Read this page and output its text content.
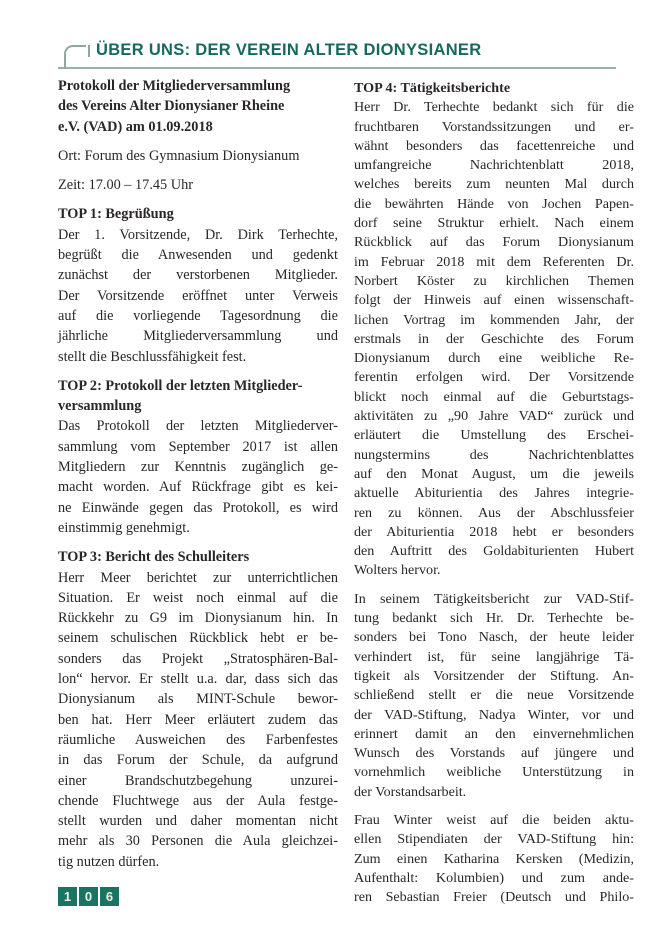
ÜBER UNS: DER VEREIN ALTER DIONYSIANER
Protokoll der Mitgliederversammlung
des Vereins Alter Dionysianer Rheine
e.V. (VAD) am 01.09.2018
Ort: Forum des Gymnasium Dionysianum
Zeit: 17.00 – 17.45 Uhr
TOP 1: Begrüßung
Der 1. Vorsitzende, Dr. Dirk Terhechte,
begrüßt die Anwesenden und gedenkt
zunächst der verstorbenen Mitglieder.
Der Vorsitzende eröffnet unter Verweis
auf die vorliegende Tagesordnung die
jährliche Mitgliederversammlung und
stellt die Beschlussfähigkeit fest.
TOP 2: Protokoll der letzten Mitglieder-
versammlung
Das Protokoll der letzten Mitgliederver-
sammlung vom September 2017 ist allen
Mitgliedern zur Kenntnis zugänglich ge-
macht worden. Auf Rückfrage gibt es kei-
ne Einwände gegen das Protokoll, es wird
einstimmig genehmigt.
TOP 3: Bericht des Schulleiters
Herr Meer berichtet zur unterrichtlichen
Situation. Er weist noch einmal auf die
Rückkehr zu G9 im Dionysianum hin. In
seinem schulischen Rückblick hebt er be-
sonders das Projekt „Stratosphären-Bal-
lon“ hervor. Er stellt u.a. dar, dass sich das
Dionysianum als MINT-Schule bewor-
ben hat. Herr Meer erläutert zudem das
räumliche Ausweichen des Farbenfestes
in das Forum der Schule, da aufgrund
einer Brandschutzbegehung unzurei-
chende Fluchtwege aus der Aula festge-
stellt wurden und daher momentan nicht
mehr als 30 Personen die Aula gleichzei-
tig nutzen dürfen.
TOP 4: Tätigkeitsberichte
Herr Dr. Terhechte bedankt sich für die
fruchtbaren Vorstandssitzungen und er-
wähnt besonders das facettenreiche und
umfangreiche Nachrichtenblatt 2018,
welches bereits zum neunten Mal durch
die bewährten Hände von Jochen Papen-
dorf seine Struktur erhielt. Nach einem
Rückblick auf das Forum Dionysianum
im Februar 2018 mit dem Referenten Dr.
Norbert Köster zu kirchlichen Themen
folgt der Hinweis auf einen wissenschaft-
lichen Vortrag im kommenden Jahr, der
erstmals in der Geschichte des Forum
Dionysianum durch eine weibliche Re-
ferentin erfolgen wird. Der Vorsitzende
blickt noch einmal auf die Geburtstags-
aktivitäten zu „90 Jahre VAD“ zurück und
erläutert die Umstellung des Erschei-
nungstermins des Nachrichtenblattes
auf den Monat August, um die jeweils
aktuelle Abiturientia des Jahres integrie-
ren zu können. Aus der Abschlussfeier
der Abiturientia 2018 hebt er besonders
den Auftritt des Goldabiturienten Hubert
Wolters hervor.
In seinem Tätigkeitsbericht zur VAD-Stif-
tung bedankt sich Hr. Dr. Terhechte be-
sonders bei Tono Nasch, der heute leider
verhindert ist, für seine langjährige Tä-
tigkeit als Vorsitzender der Stiftung. An-
schließend stellt er die neue Vorsitzende
der VAD-Stiftung, Nadya Winter, vor und
erinnert damit an den einvernehmlichen
Wunsch des Vorstands auf jüngere und
vornehmlich weibliche Unterstützung in
der Vorstandsarbeit.
Frau Winter weist auf die beiden aktu-
ellen Stipendiaten der VAD-Stiftung hin:
Zum einen Katharina Kersken (Medizin,
Aufenthalt: Kolumbien) und zum ande-
ren Sebastian Freier (Deutsch und Philo-
1	0	6
